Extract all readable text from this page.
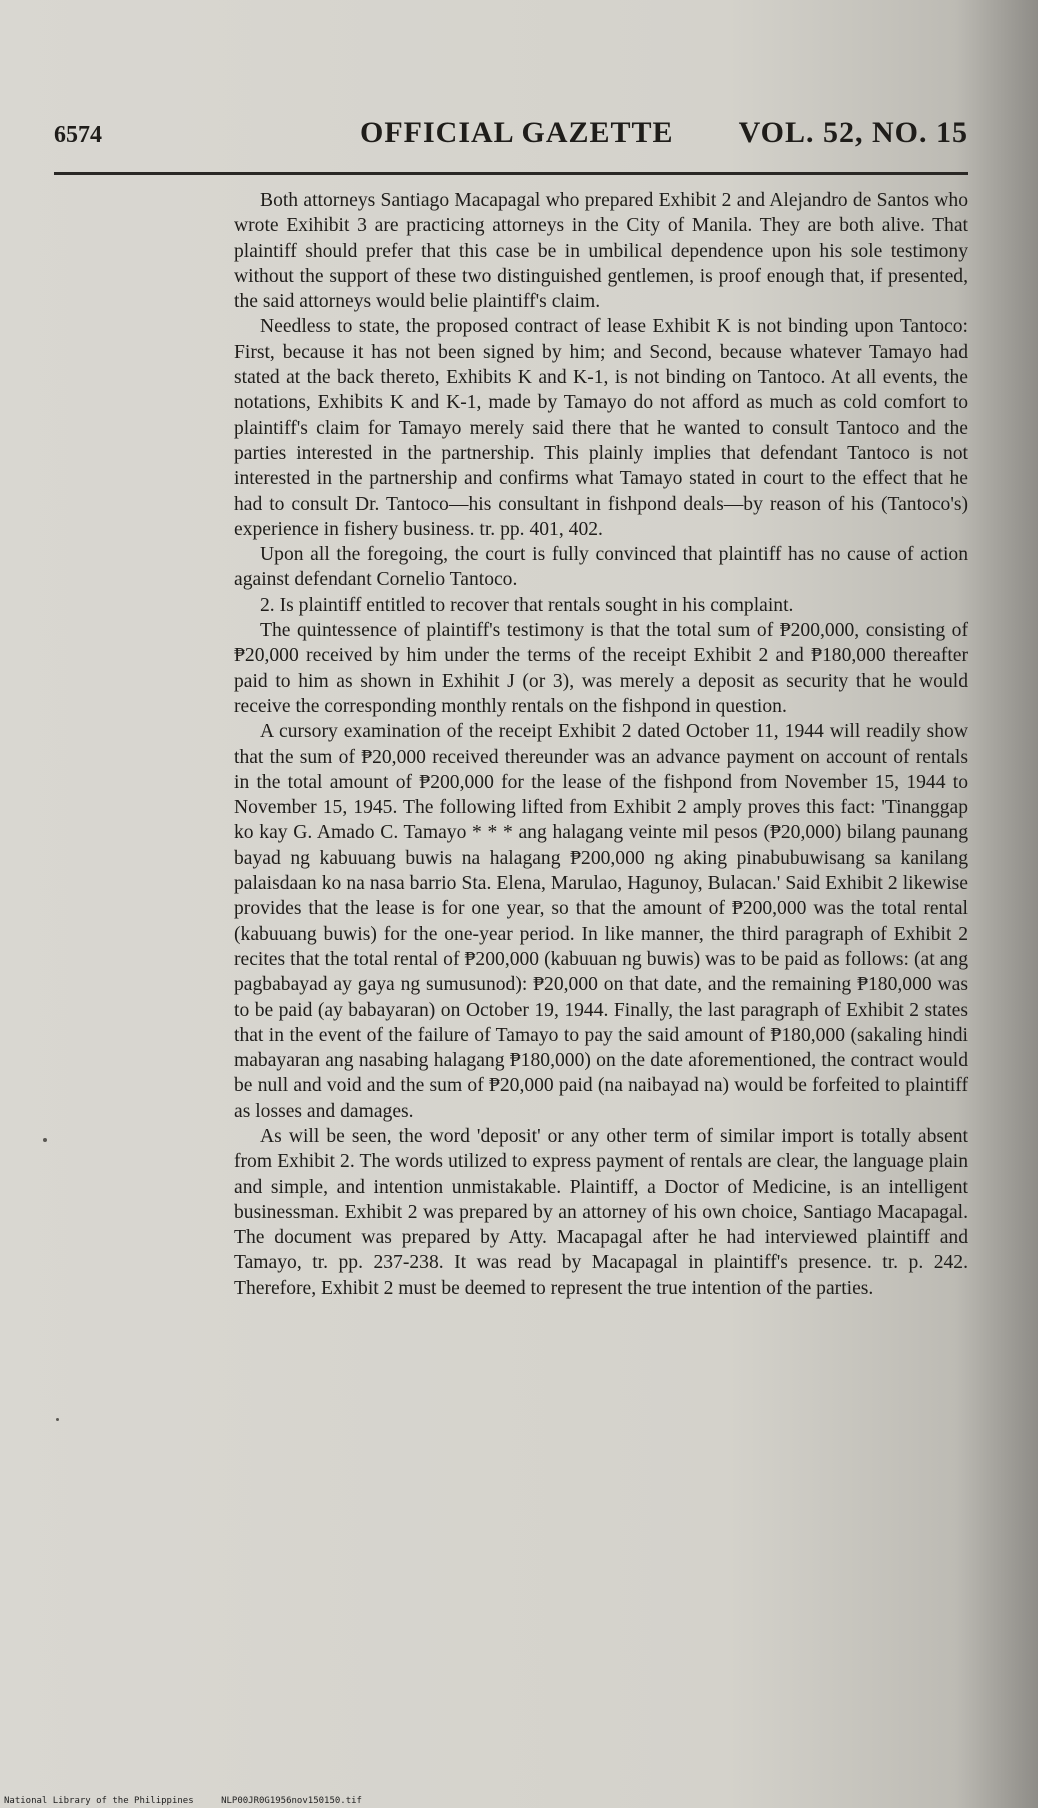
6574	OFFICIAL GAZETTE VOL. 52, NO. 15

Both attorneys Santiago Macapagal who prepared Exhibit 2 and Alejandro de Santos who wrote Exihibit 3 are practicing attorneys in the City of Manila. They are both alive. That plaintiff should prefer that this case be in umbilical dependence upon his sole testimony without the support of these two distinguished gentlemen, is proof enough that, if presented, the said attorneys would belie plaintiff's claim.

Needless to state, the proposed contract of lease Exhibit K is not binding upon Tantoco: First, because it has not been signed by him; and Second, because whatever Tamayo had stated at the back thereto, Exhibits K and K-1, is not binding on Tantoco. At all events, the notations, Exhibits K and K-1, made by Tamayo do not afford as much as cold comfort to plaintiff's claim for Tamayo merely said there that he wanted to consult Tantoco and the parties interested in the partnership. This plainly implies that defendant Tantoco is not interested in the partnership and confirms what Tamayo stated in court to the effect that he had to consult Dr. Tantoco—his consultant in fishpond deals—by reason of his (Tantoco's) experience in fishery business. tr. pp. 401, 402.

Upon all the foregoing, the court is fully convinced that plaintiff has no cause of action against defendant Cornelio Tantoco.

2. Is plaintiff entitled to recover that rentals sought in his complaint.

The quintessence of plaintiff's testimony is that the total sum of ₱200,000, consisting of ₱20,000 received by him under the terms of the receipt Exhibit 2 and ₱180,000 thereafter paid to him as shown in Exhihit J (or 3), was merely a deposit as security that he would receive the corresponding monthly rentals on the fishpond in question.

A cursory examination of the receipt Exhibit 2 dated October 11, 1944 will readily show that the sum of ₱20,000 received thereunder was an advance payment on account of rentals in the total amount of ₱200,000 for the lease of the fishpond from November 15, 1944 to November 15, 1945. The following lifted from Exhibit 2 amply proves this fact: 'Tinanggap ko kay G. Amado C. Tamayo * * * ang halagang veinte mil pesos (₱20,000) bilang paunang bayad ng kabuuang buwis na halagang ₱200,000 ng aking pinabubuwisang sa kanilang palaisdaan ko na nasa barrio Sta. Elena, Marulao, Hagunoy, Bulacan.' Said Exhibit 2 likewise provides that the lease is for one year, so that the amount of ₱200,000 was the total rental (kabuuang buwis) for the one-year period. In like manner, the third paragraph of Exhibit 2 recites that the total rental of ₱200,000 (kabuuan ng buwis) was to be paid as follows: (at ang pagbabayad ay gaya ng sumusunod): ₱20,000 on that date, and the remaining ₱180,000 was to be paid (ay babayaran) on October 19, 1944. Finally, the last paragraph of Exhibit 2 states that in the event of the failure of Tamayo to pay the said amount of ₱180,000 (sakaling hindi mabayaran ang nasabing halagang ₱180,000) on the date aforementioned, the contract would be null and void and the sum of ₱20,000 paid (na naibayad na) would be forfeited to plaintiff as losses and damages.

As will be seen, the word 'deposit' or any other term of similar import is totally absent from Exhibit 2. The words utilized to express payment of rentals are clear, the language plain and simple, and intention unmistakable. Plaintiff, a Doctor of Medicine, is an intelligent businessman. Exhibit 2 was prepared by an attorney of his own choice, Santiago Macapagal. The document was prepared by Atty. Macapagal after he had interviewed plaintiff and Tamayo, tr. pp. 237-238. It was read by Macapagal in plaintiff's presence. tr. p. 242. Therefore, Exhibit 2 must be deemed to represent the true intention of the parties.

National Library of the Philippines	NLP00JR0G1956nov150150.tif
